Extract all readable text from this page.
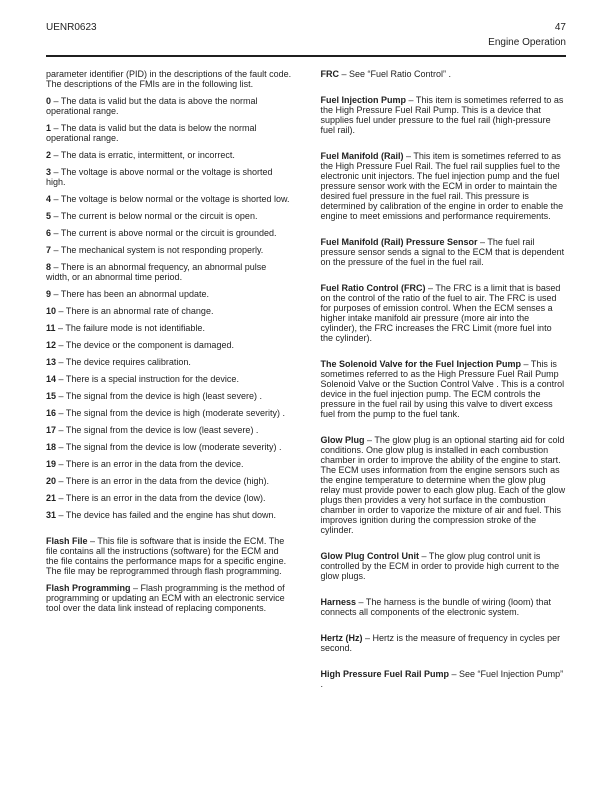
UENR0623	47
Engine Operation

parameter identifier (PID) in the descriptions of the fault code. The descriptions of the FMIs are in the following list.

0 – The data is valid but the data is above the normal operational range.

1 – The data is valid but the data is below the normal operational range.

2 – The data is erratic, intermittent, or incorrect.

3 – The voltage is above normal or the voltage is shorted high.

4 – The voltage is below normal or the voltage is shorted low.

5 – The current is below normal or the circuit is open.

6 – The current is above normal or the circuit is grounded.

7 – The mechanical system is not responding properly.

8 – There is an abnormal frequency, an abnormal pulse width, or an abnormal time period.

9 – There has been an abnormal update.

10 – There is an abnormal rate of change.

11 – The failure mode is not identifiable.

12 – The device or the component is damaged.

13 – The device requires calibration.

14 – There is a special instruction for the device.

15 – The signal from the device is high (least severe) .

16 – The signal from the device is high (moderate severity) .

17 – The signal from the device is low (least severe) .

18 – The signal from the device is low (moderate severity) .

19 – There is an error in the data from the device.

20 – There is an error in the data from the device (high).

21 – There is an error in the data from the device (low).

31 – The device has failed and the engine has shut down.

Flash File – This file is software that is inside the ECM. The file contains all the instructions (software) for the ECM and the file contains the performance maps for a specific engine. The file may be reprogrammed through flash programming.

Flash Programming – Flash programming is the method of programming or updating an ECM with an electronic service tool over the data link instead of replacing components.

FRC – See “Fuel Ratio Control” .

Fuel Injection Pump – This item is sometimes referred to as the High Pressure Fuel Rail Pump. This is a device that supplies fuel under pressure to the fuel rail (high-pressure fuel rail).

Fuel Manifold (Rail) – This item is sometimes referred to as the High Pressure Fuel Rail. The fuel rail supplies fuel to the electronic unit injectors. The fuel injection pump and the fuel pressure sensor work with the ECM in order to maintain the desired fuel pressure in the fuel rail. This pressure is determined by calibration of the engine in order to enable the engine to meet emissions and performance requirements.

Fuel Manifold (Rail) Pressure Sensor – The fuel rail pressure sensor sends a signal to the ECM that is dependent on the pressure of the fuel in the fuel rail.

Fuel Ratio Control (FRC) – The FRC is a limit that is based on the control of the ratio of the fuel to air. The FRC is used for purposes of emission control. When the ECM senses a higher intake manifold air pressure (more air into the cylinder), the FRC increases the FRC Limit (more fuel into the cylinder).

The Solenoid Valve for the Fuel Injection Pump – This is sometimes referred to as the High Pressure Fuel Rail Pump Solenoid Valve or the Suction Control Valve . This is a control device in the fuel injection pump. The ECM controls the pressure in the fuel rail by using this valve to divert excess fuel from the pump to the fuel tank.

Glow Plug – The glow plug is an optional starting aid for cold conditions. One glow plug is installed in each combustion chamber in order to improve the ability of the engine to start. The ECM uses information from the engine sensors such as the engine temperature to determine when the glow plug relay must provide power to each glow plug. Each of the glow plugs then provides a very hot surface in the combustion chamber in order to vaporize the mixture of air and fuel. This improves ignition during the compression stroke of the cylinder.

Glow Plug Control Unit – The glow plug control unit is controlled by the ECM in order to provide high current to the glow plugs.

Harness – The harness is the bundle of wiring (loom) that connects all components of the electronic system.

Hertz (Hz) – Hertz is the measure of frequency in cycles per second.

High Pressure Fuel Rail Pump – See “Fuel Injection Pump” .
